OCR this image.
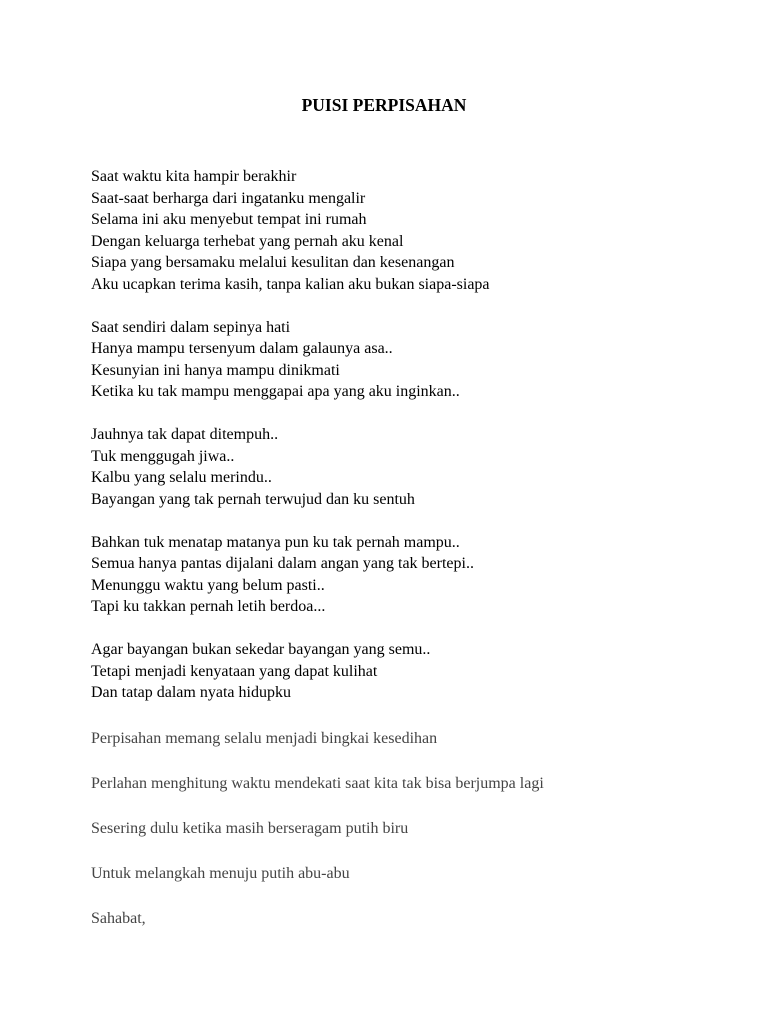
PUISI PERPISAHAN
Saat waktu kita hampir berakhir
Saat-saat berharga dari ingatanku mengalir
Selama ini aku menyebut tempat ini rumah
Dengan keluarga terhebat yang pernah aku kenal
Siapa yang bersamaku melalui kesulitan dan kesenangan
Aku ucapkan terima kasih, tanpa kalian aku bukan siapa-siapa
Saat sendiri dalam sepinya hati
Hanya mampu tersenyum dalam galaunya asa..
Kesunyian ini hanya mampu dinikmati
Ketika ku tak mampu menggapai apa yang aku inginkan..
Jauhnya tak dapat ditempuh..
Tuk menggugah jiwa..
Kalbu yang selalu merindu..
Bayangan yang tak pernah terwujud dan ku sentuh
Bahkan tuk menatap matanya pun ku tak pernah mampu..
Semua hanya pantas dijalani dalam angan yang tak bertepi..
Menunggu waktu yang belum pasti..
Tapi ku takkan pernah letih berdoa...
Agar bayangan bukan sekedar bayangan yang semu..
Tetapi menjadi kenyataan yang dapat kulihat
Dan tatap dalam nyata hidupku
Perpisahan memang selalu menjadi bingkai kesedihan
Perlahan menghitung waktu mendekati saat kita tak bisa berjumpa lagi
Sesering dulu ketika masih berseragam putih biru
Untuk melangkah menuju putih abu-abu
Sahabat,
